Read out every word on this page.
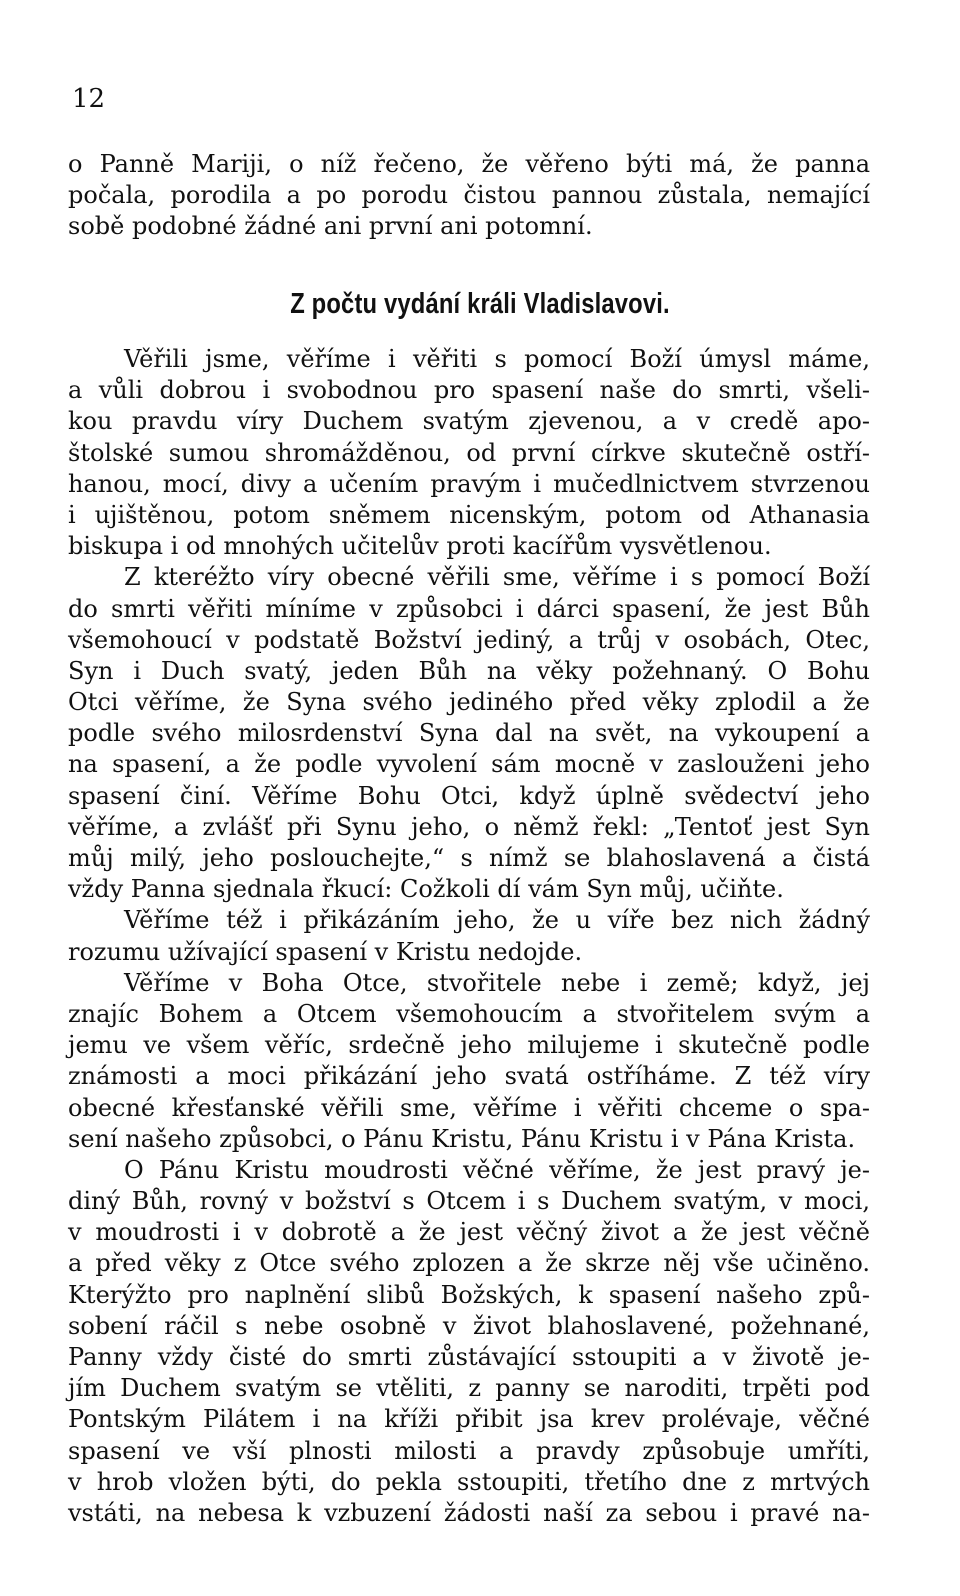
12
o Panně Mariji, o níž řečeno, že věřeno býti má, že panna
počala, porodila a po porodu čistou pannou zůstala, nemající
sobě podobné žádné ani první ani potomní.
Z počtu vydání králi Vladislavovi.
Věřili jsme, věříme i věřiti s pomocí Boží úmysl máme,
a vůli dobrou i svobodnou pro spasení naše do smrti, všeli-
kou pravdu víry Duchem svatým zjevenou, a v credě apo-
štolské sumou shromážděnou, od první církve skutečně ostří-
hanou, mocí, divy a učením pravým i mučedlnictvem stvrzenou
i ujištěnou, potom sněmem nicenským, potom od Athanasia
biskupa i od mnohých učitelův proti kacířům vysvětlenou.
Z kteréžto víry obecné věřili sme, věříme i s pomocí Boží
do smrti věřiti míníme v způsobci i dárci spasení, že jest Bůh
všemohoucí v podstatě Božství jediný, a trůj v osobách, Otec,
Syn i Duch svatý, jeden Bůh na věky požehnaný. O Bohu
Otci věříme, že Syna svého jediného před věky zplodil a že
podle svého milosrdenství Syna dal na svět, na vykoupení a
na spasení, a že podle vyvolení sám mocně v zaslouženi jeho
spasení činí. Věříme Bohu Otci, když úplně svědectví jeho
věříme, a zvlášť při Synu jeho, o němž řekl: „Tentoť jest Syn
můj milý, jeho poslouchejte,“ s nímž se blahoslavená a čistá
vždy Panna sjednala řkucí: Cožkoli dí vám Syn můj, učiňte.
Věříme též i přikázáním jeho, že u víře bez nich žádný
rozumu užívající spasení v Kristu nedojde.
Věříme v Boha Otce, stvořitele nebe i země; když, jej
znajíc Bohem a Otcem všemohoucím a stvořitelem svým a
jemu ve všem věříc, srdečně jeho milujeme i skutečně podle
známosti a moci přikázání jeho svatá ostříháme. Z též víry
obecné křesťanské věřili sme, věříme i věřiti chceme o spa-
sení našeho způsobci, o Pánu Kristu, Pánu Kristu i v Pána Krista.
O Pánu Kristu moudrosti věčné věříme, že jest pravý je-
diný Bůh, rovný v božství s Otcem i s Duchem svatým, v moci,
v moudrosti i v dobrotě a že jest věčný život a že jest věčně
a před věky z Otce svého zplozen a že skrze něj vše učiněno.
Kterýžto pro naplnění slibů Božských, k spasení našeho způ-
sobení ráčil s nebe osobně v život blahoslavené, požehnané,
Panny vždy čisté do smrti zůstávající sstoupiti a v životě je-
jím Duchem svatým se vtěliti, z panny se naroditi, trpěti pod
Pontským Pilátem i na kříži přibit jsa krev prolévaje, věčné
spasení ve vší plnosti milosti a pravdy způsobuje umříti,
v hrob vložen býti, do pekla sstoupiti, třetího dne z mrtvých
vstáti, na nebesa k vzbuzení žádosti naší za sebou i pravé na-
